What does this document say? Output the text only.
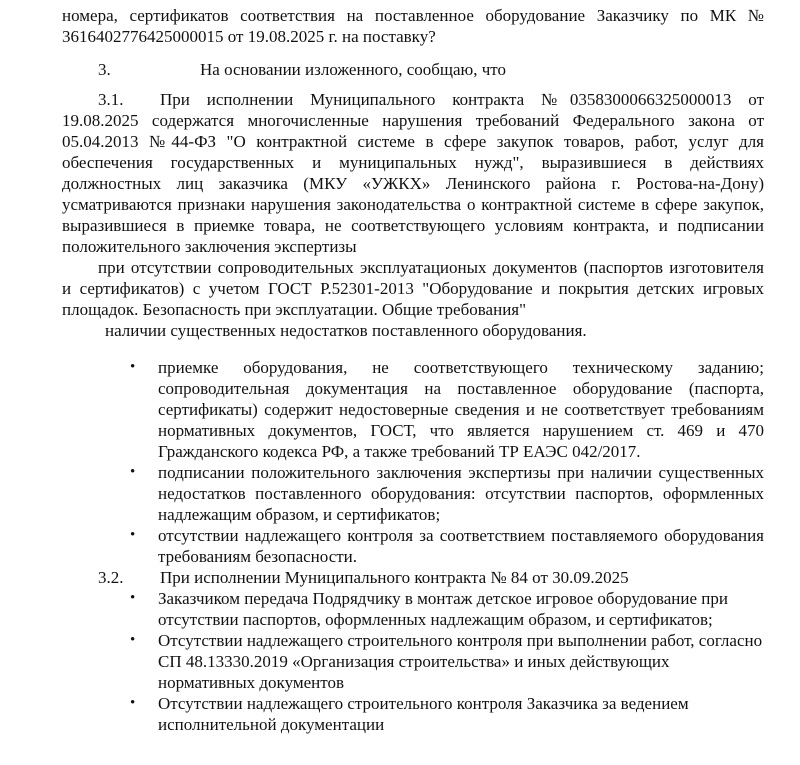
номера, сертификатов соответствия на поставленное оборудование Заказчику по МК № 3616402776425000015 от 19.08.2025 г. на поставку?

3.	На основании изложенного, сообщаю, что

3.1. При исполнении Муниципального контракта №0358300066325000013 от 19.08.2025 содержатся многочисленные нарушения требований Федерального закона от 05.04.2013 №44-ФЗ "О контрактной системе в сфере закупок товаров, работ, услуг для обеспечения государственных и муниципальных нужд", выразившиеся в действиях должностных лиц заказчика (МКУ «УЖКХ» Ленинского района г. Ростова-на-Дону) усматриваются признаки нарушения законодательства о контрактной системе в сфере закупок, выразившиеся в приемке товара, не соответствующего условиям контракта, и подписании положительного заключения экспертизы

при отсутствии сопроводительных эксплуатационых документов (паспортов изготовителя и сертификатов) с учетом ГОСТ Р.52301-2013 "Оборудование и покрытия детских игровых площадок. Безопасность при эксплуатации. Общие требования"

наличии существенных недостатков поставленного оборудования.

•	приемке оборудования, не соответствующего техническому заданию; сопроводительная документация на поставленное оборудование (паспорта, сертификаты) содержит недостоверные сведения и не соответствует требованиям нормативных документов, ГОСТ, что является нарушением ст. 469 и 470 Гражданского кодекса РФ, а также требований ТР ЕАЭС 042/2017.
•	подписании положительного заключения экспертизы при наличии существенных недостатков поставленного оборудования: отсутствии паспортов, оформленных надлежащим образом, и сертификатов;
•	отсутствии надлежащего контроля за соответствием поставляемого оборудования требованиям безопасности.

3.2. При исполнении Муниципального контракта № 84 от 30.09.2025

•	Заказчиком передача Подрядчику в монтаж детское игровое оборудование при отсутствии паспортов, оформленных надлежащим образом, и сертификатов;
•	Отсутствии надлежащего строительного контроля при выполнении работ, согласно СП 48.13330.2019 «Организация строительства» и иных действующих нормативных документов
•	Отсутствии надлежащего строительного контроля Заказчика за ведением исполнительной документации
